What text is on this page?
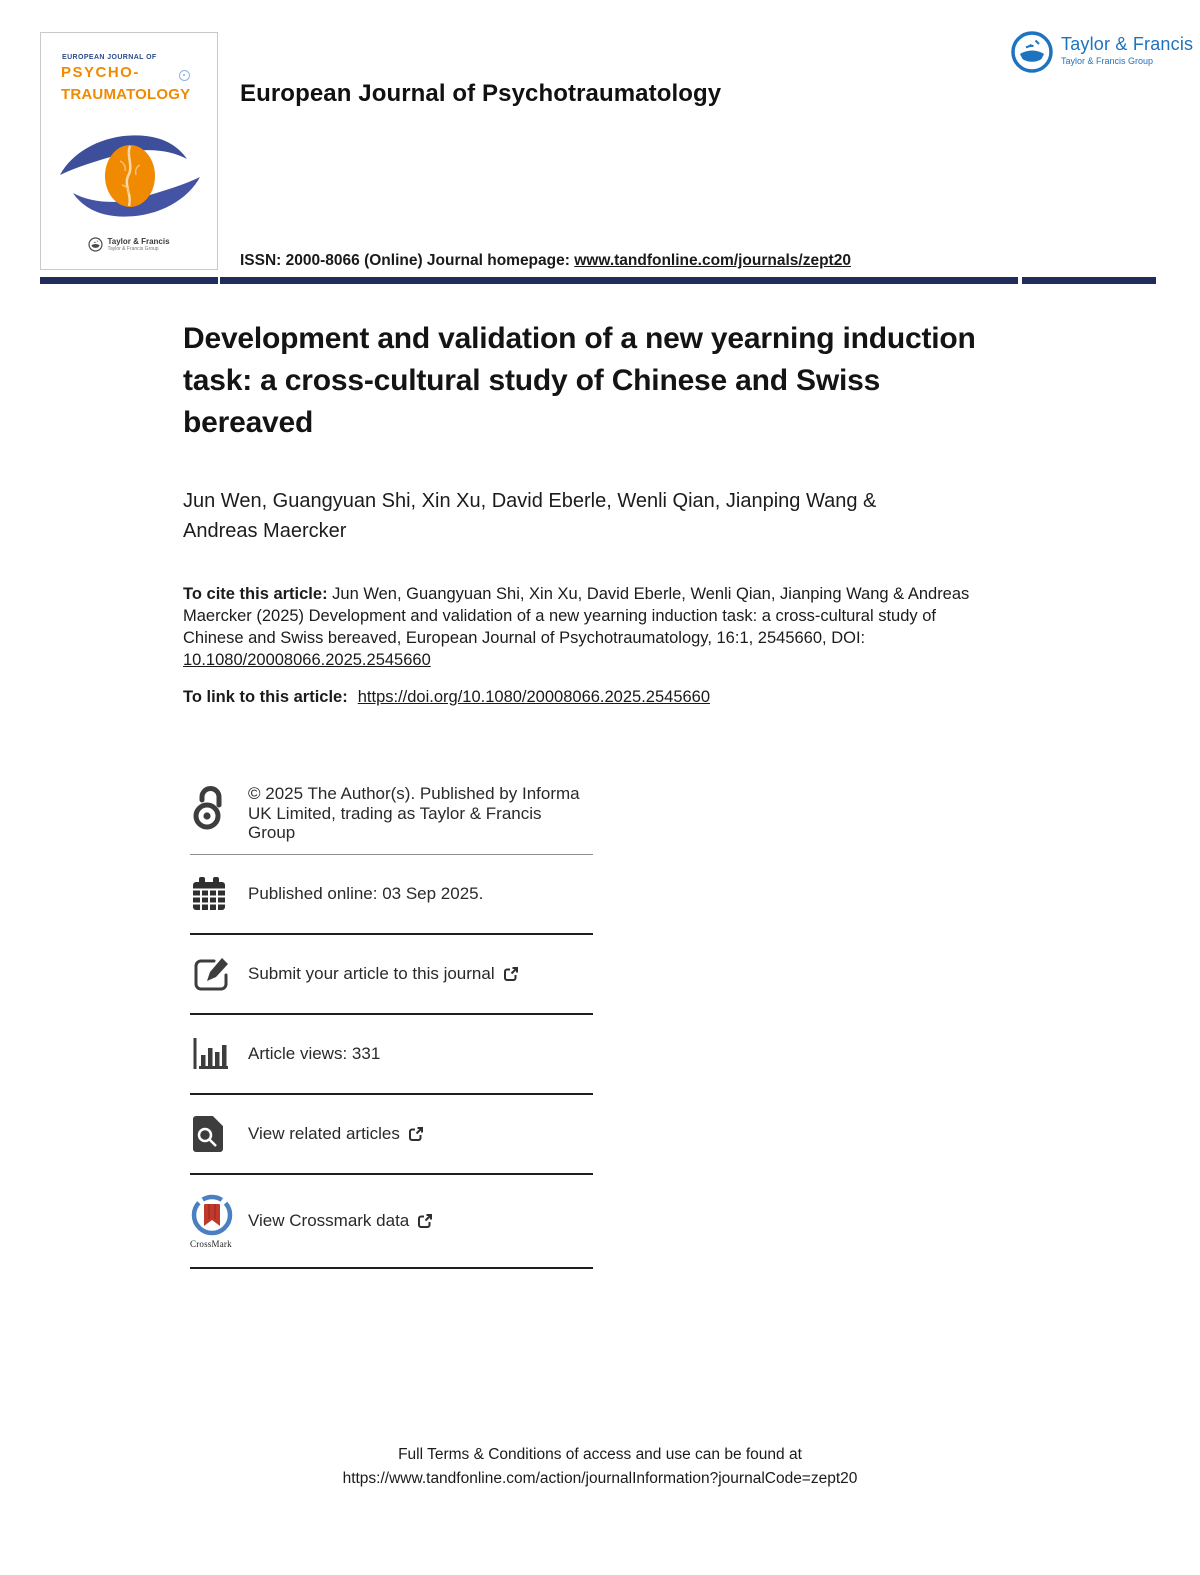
EUROPEAN JOURNAL OF
PSYCHO-
TRAUMATOLOGY
Taylor & Francis
Taylor & Francis Group
European Journal of Psychotraumatology
Taylor & Francis
Taylor & Francis Group
ISSN: 2000-8066 (Online) Journal homepage: www.tandfonline.com/journals/zept20
Development and validation of a new yearning induction task: a cross-cultural study of Chinese and Swiss bereaved
Jun Wen, Guangyuan Shi, Xin Xu, David Eberle, Wenli Qian, Jianping Wang & Andreas Maercker

To cite this article: Jun Wen, Guangyuan Shi, Xin Xu, David Eberle, Wenli Qian, Jianping Wang & Andreas Maercker (2025) Development and validation of a new yearning induction task: a cross-cultural study of Chinese and Swiss bereaved, European Journal of Psychotraumatology, 16:1, 2545660, DOI: 10.1080/20008066.2025.2545660

To link to this article: https://doi.org/10.1080/20008066.2025.2545660
© 2025 The Author(s). Published by Informa UK Limited, trading as Taylor & Francis Group
Published online: 03 Sep 2025.
Submit your article to this journal
Article views: 331
View related articles
CrossMark
View Crossmark data
Full Terms & Conditions of access and use can be found at
https://www.tandfonline.com/action/journalInformation?journalCode=zept20
